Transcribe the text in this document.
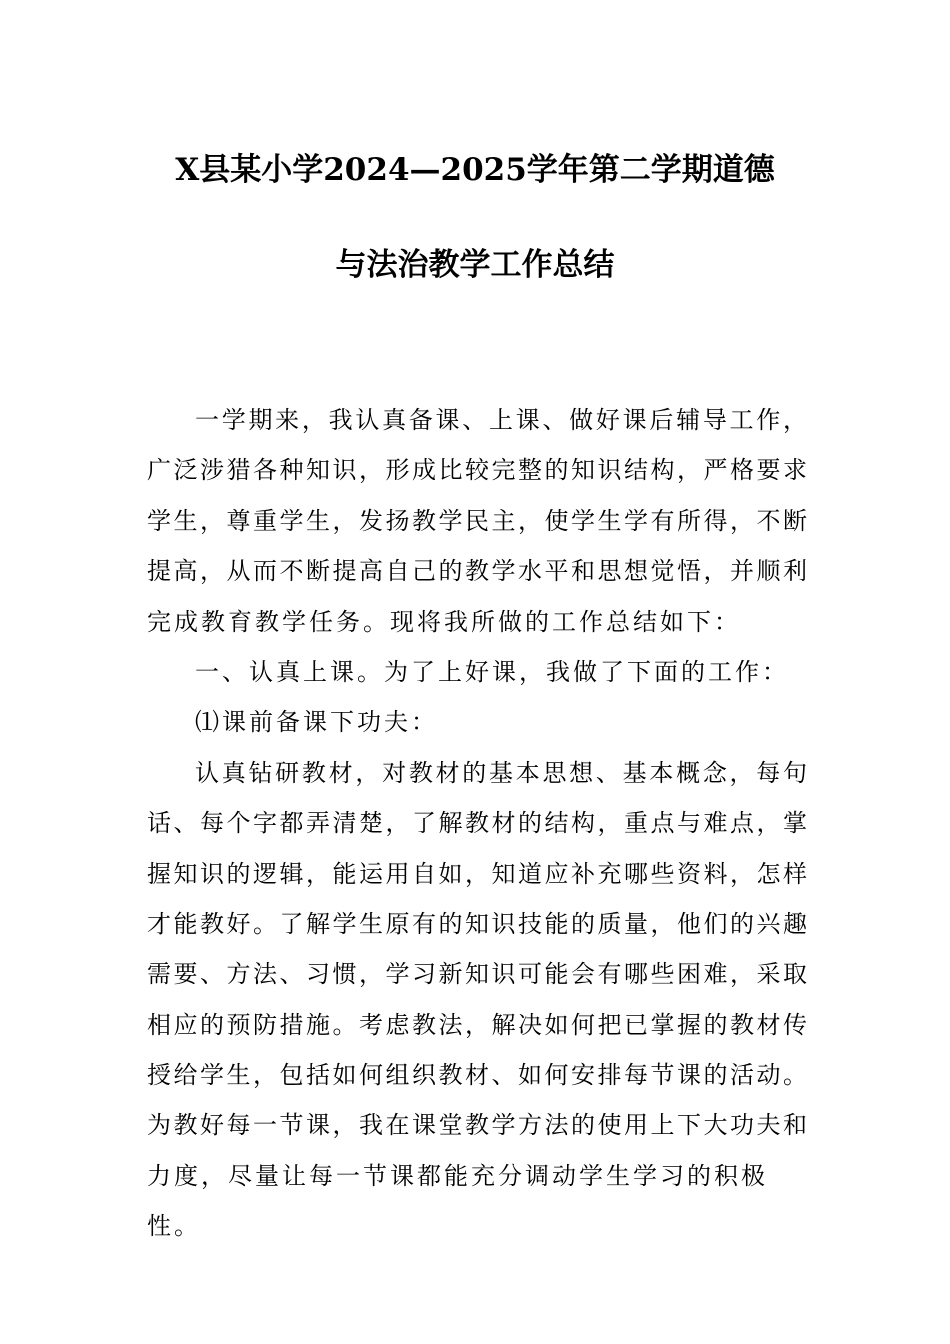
X县某小学2024—2025学年第二学期道德
与法治教学工作总结
一学期来，我认真备课、上课、做好课后辅导工作，
广泛涉猎各种知识，形成比较完整的知识结构，严格要求
学生，尊重学生，发扬教学民主，使学生学有所得，不断
提高，从而不断提高自己的教学水平和思想觉悟，并顺利
完成教育教学任务。现将我所做的工作总结如下：
一、认真上课。为了上好课，我做了下面的工作：
⑴课前备课下功夫：
认真钻研教材，对教材的基本思想、基本概念，每句
话、每个字都弄清楚，了解教材的结构，重点与难点，掌
握知识的逻辑，能运用自如，知道应补充哪些资料，怎样
才能教好。了解学生原有的知识技能的质量，他们的兴趣
需要、方法、习惯，学习新知识可能会有哪些困难，采取
相应的预防措施。考虑教法，解决如何把已掌握的教材传
授给学生，包括如何组织教材、如何安排每节课的活动。
为教好每一节课，我在课堂教学方法的使用上下大功夫和
力度，尽量让每一节课都能充分调动学生学习的积极性。
